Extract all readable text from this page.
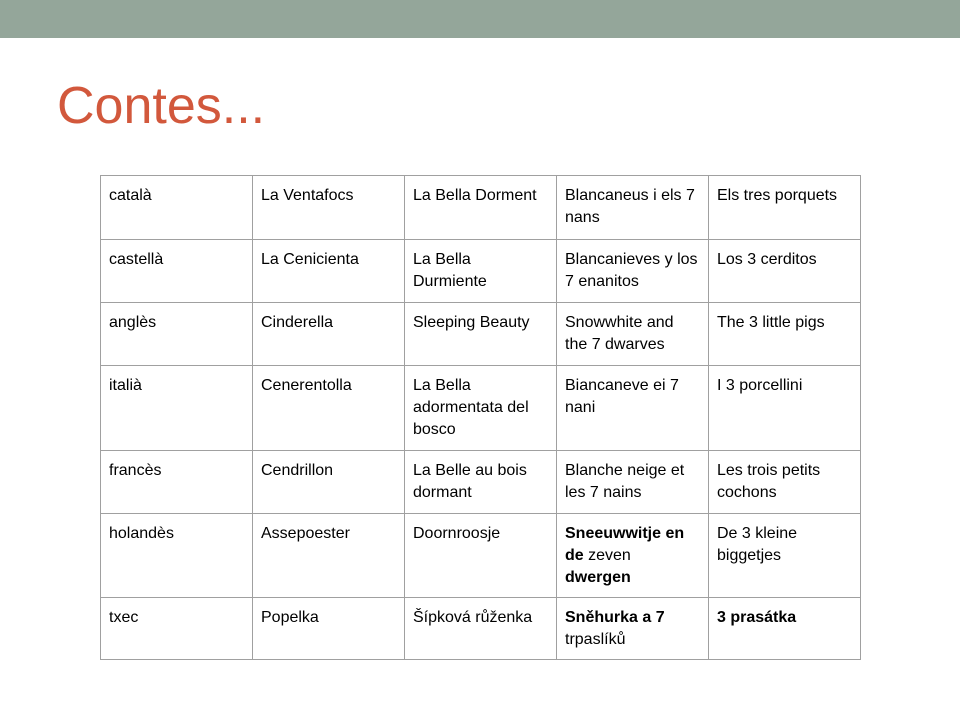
Contes...
català	La Ventafocs	La Bella Dorment	Blancaneus i els 7 nans	Els tres porquets
castellà	La Cenicienta	La Bella Durmiente	Blancanieves y los 7 enanitos	Los 3 cerditos
anglès	Cinderella	Sleeping Beauty	Snowwhite and the 7 dwarves	The 3 little pigs
italià	Cenerentolla	La Bella adormentata del bosco	Biancaneve ei 7 nani	I 3 porcellini
francès	Cendrillon	La Belle au bois dormant	Blanche neige et les 7 nains	Les trois petits cochons
holandès	Assepoester	Doornroosje	Sneeuwwitje en de zeven dwergen	De 3 kleine biggetjes
txec	Popelka	Šípková růženka	Sněhurka a 7 trpaslíků	3 prasátka
